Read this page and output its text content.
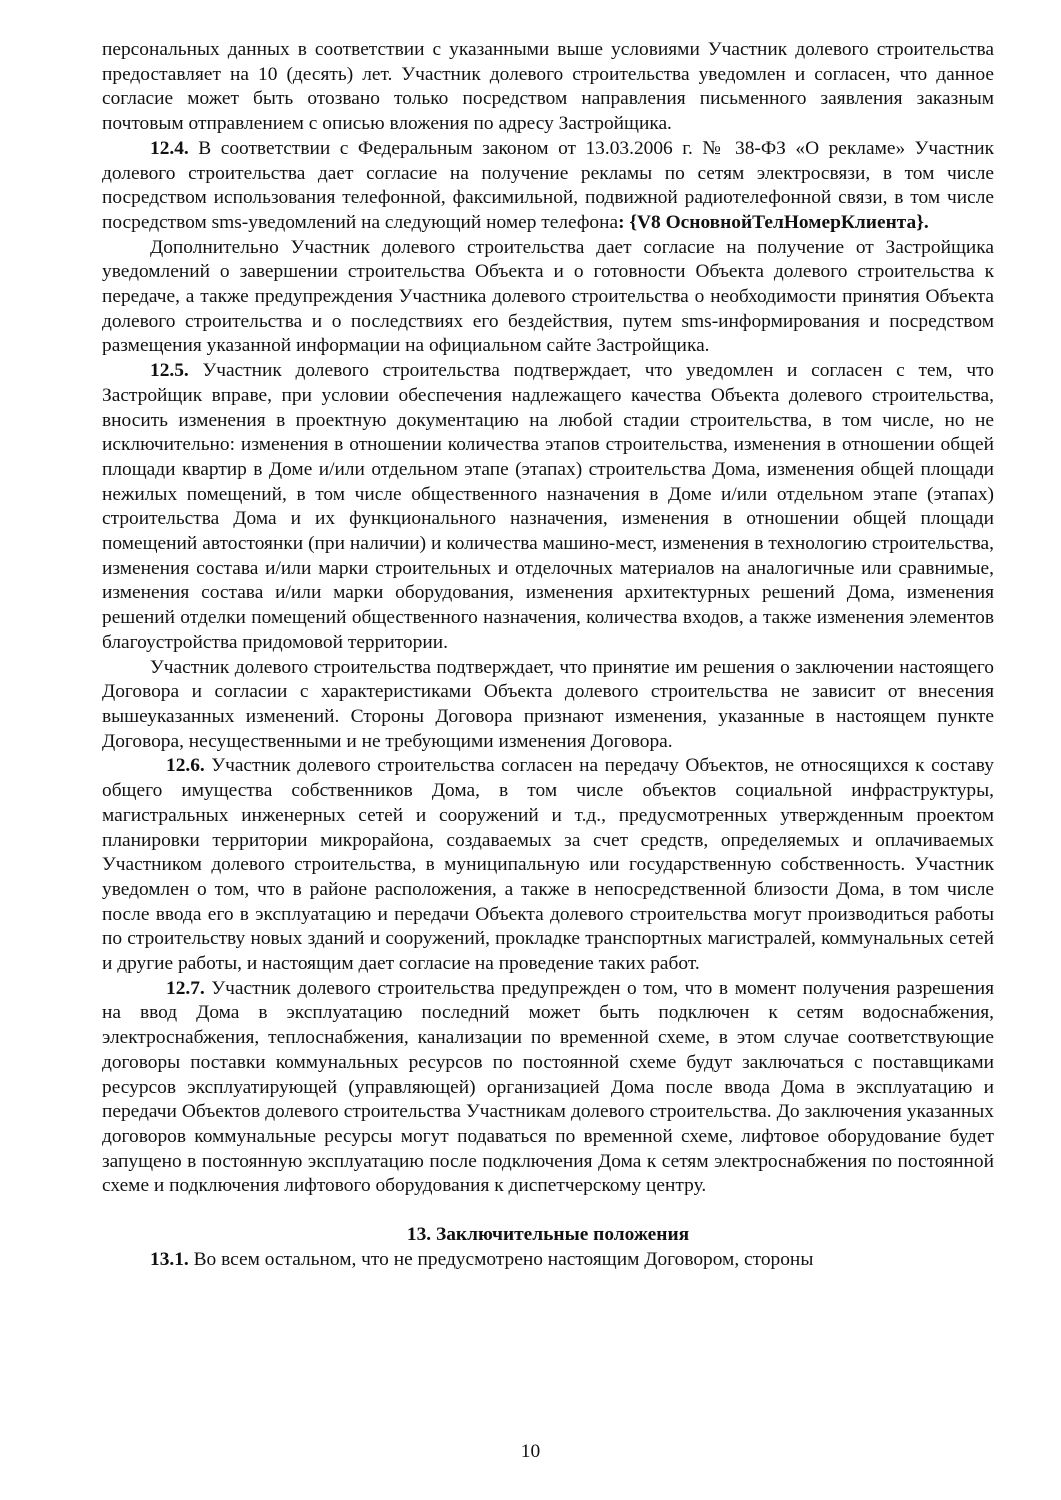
персональных данных в соответствии с указанными выше условиями Участник долевого строительства предоставляет на 10 (десять) лет. Участник долевого строительства уведомлен и согласен, что данное согласие может быть отозвано только посредством направления письменного заявления заказным почтовым отправлением с описью вложения по адресу Застройщика.

12.4. В соответствии с Федеральным законом от 13.03.2006 г. № 38-ФЗ «О рекламе» Участник долевого строительства дает согласие на получение рекламы по сетям электросвязи, в том числе посредством использования телефонной, факсимильной, подвижной радиотелефонной связи, в том числе посредством sms-уведомлений на следующий номер телефона: {V8 ОсновнойТелНомерКлиента}.

Дополнительно Участник долевого строительства дает согласие на получение от Застройщика уведомлений о завершении строительства Объекта и о готовности Объекта долевого строительства к передаче, а также предупреждения Участника долевого строительства о необходимости принятия Объекта долевого строительства и о последствиях его бездействия, путем sms-информирования и посредством размещения указанной информации на официальном сайте Застройщика.

12.5. Участник долевого строительства подтверждает, что уведомлен и согласен с тем, что Застройщик вправе, при условии обеспечения надлежащего качества Объекта долевого строительства, вносить изменения в проектную документацию на любой стадии строительства, в том числе, но не исключительно: изменения в отношении количества этапов строительства, изменения в отношении общей площади квартир в Доме и/или отдельном этапе (этапах) строительства Дома, изменения общей площади нежилых помещений, в том числе общественного назначения в Доме и/или отдельном этапе (этапах) строительства Дома и их функционального назначения, изменения в отношении общей площади помещений автостоянки (при наличии) и количества машино-мест, изменения в технологию строительства, изменения состава и/или марки строительных и отделочных материалов на аналогичные или сравнимые, изменения состава и/или марки оборудования, изменения архитектурных решений Дома, изменения решений отделки помещений общественного назначения, количества входов, а также изменения элементов благоустройства придомовой территории.

Участник долевого строительства подтверждает, что принятие им решения о заключении настоящего Договора и согласии с характеристиками Объекта долевого строительства не зависит от внесения вышеуказанных изменений. Стороны Договора признают изменения, указанные в настоящем пункте Договора, несущественными и не требующими изменения Договора.

12.6. Участник долевого строительства согласен на передачу Объектов, не относящихся к составу общего имущества собственников Дома, в том числе объектов социальной инфраструктуры, магистральных инженерных сетей и сооружений и т.д., предусмотренных утвержденным проектом планировки территории микрорайона, создаваемых за счет средств, определяемых и оплачиваемых Участником долевого строительства, в муниципальную или государственную собственность. Участник уведомлен о том, что в районе расположения, а также в непосредственной близости Дома, в том числе после ввода его в эксплуатацию и передачи Объекта долевого строительства могут производиться работы по строительству новых зданий и сооружений, прокладке транспортных магистралей, коммунальных сетей и другие работы, и настоящим дает согласие на проведение таких работ.

12.7. Участник долевого строительства предупрежден о том, что в момент получения разрешения на ввод Дома в эксплуатацию последний может быть подключен к сетям водоснабжения, электроснабжения, теплоснабжения, канализации по временной схеме, в этом случае соответствующие договоры поставки коммунальных ресурсов по постоянной схеме будут заключаться с поставщиками ресурсов эксплуатирующей (управляющей) организацией Дома после ввода Дома в эксплуатацию и передачи Объектов долевого строительства Участникам долевого строительства. До заключения указанных договоров коммунальные ресурсы могут подаваться по временной схеме, лифтовое оборудование будет запущено в постоянную эксплуатацию после подключения Дома к сетям электроснабжения по постоянной схеме и подключения лифтового оборудования к диспетчерскому центру.

13. Заключительные положения

13.1. Во всем остальном, что не предусмотрено настоящим Договором, стороны

10
